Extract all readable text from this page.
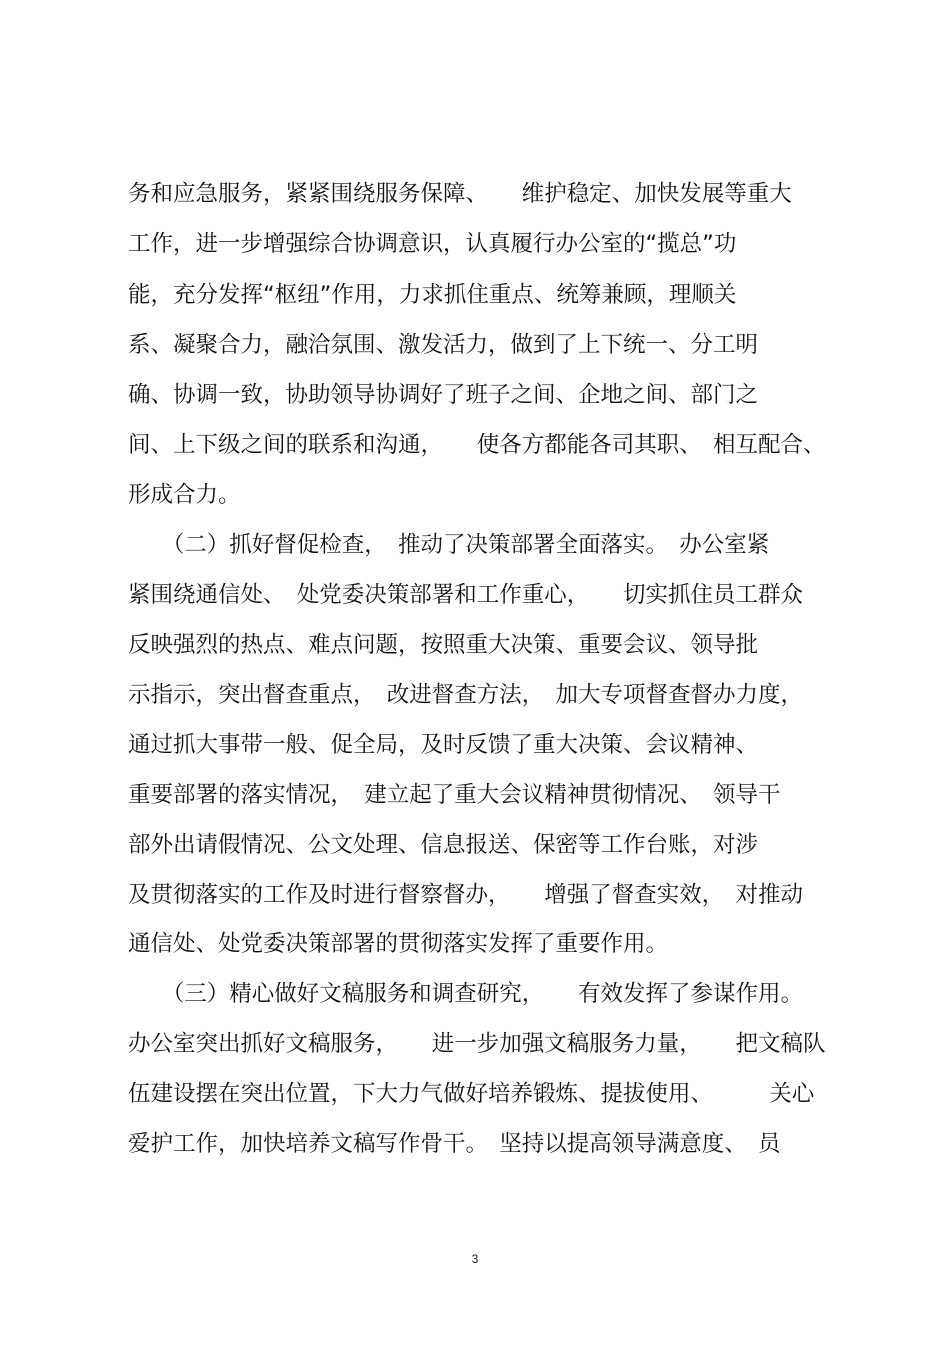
务和应急服务，紧紧围绕服务保障、　　维护稳定、加快发展等重大
工作，进一步增强综合协调意识，认真履行办公室的“揽总”功
能，充分发挥“枢纽”作用，力求抓住重点、统筹兼顾，理顺关
系、凝聚合力，融洽氛围、激发活力，做到了上下统一、分工明
确、协调一致，协助领导协调好了班子之间、企地之间、部门之
间、上下级之间的联系和沟通，　　使各方都能各司其职、　相互配合、
形成合力。
　　（二）抓好督促检查，　推动了决策部署全面落实。　办公室紧
紧围绕通信处、　处党委决策部署和工作重心，　　切实抓住员工群众
反映强烈的热点、难点问题，按照重大决策、重要会议、领导批
示指示，突出督查重点，　改进督查方法，　加大专项督查督办力度，
通过抓大事带一般、促全局，及时反馈了重大决策、会议精神、
重要部署的落实情况，　建立起了重大会议精神贯彻情况、　领导干
部外出请假情况、公文处理、信息报送、保密等工作台账，对涉
及贯彻落实的工作及时进行督察督办，　　增强了督查实效，　对推动
通信处、处党委决策部署的贯彻落实发挥了重要作用。
　　（三）精心做好文稿服务和调查研究，　　有效发挥了参谋作用。
办公室突出抓好文稿服务，　　进一步加强文稿服务力量，　　把文稿队
伍建设摆在突出位置，下大力气做好培养锻炼、提拔使用、　　　关心
爱护工作，加快培养文稿写作骨干。　坚持以提高领导满意度、　员
3
